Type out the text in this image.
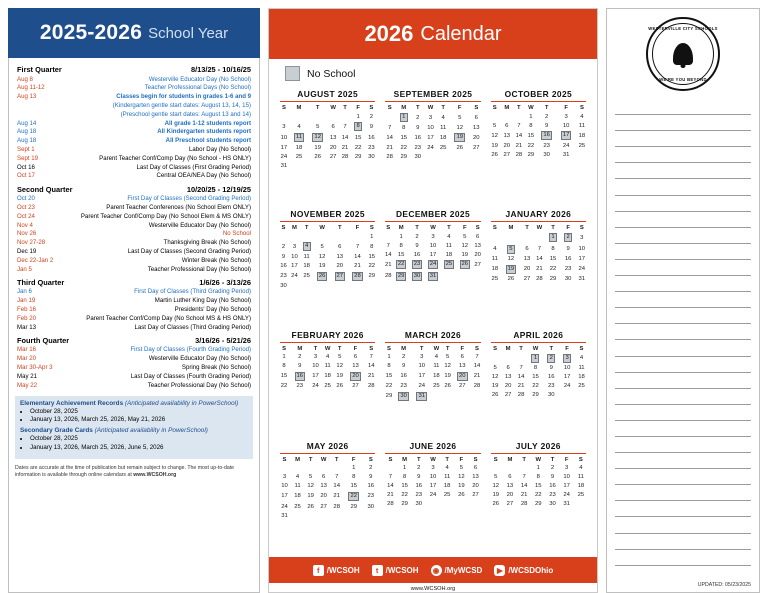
2025-2026 School Year
First Quarter	8/13/25 - 10/16/25
Aug 8	Westerville Educator Day (No School)
Aug 11-12	Teacher Professional Days (No School)
Aug 13	Classes begin for students in grades 1-6 and 9
	(Kindergarten gentle start dates: August 13, 14, 15)
	(Preschool gentle start dates: August 13 and 14)
Aug 14	All grade 1-12 students report
Aug 18	All Kindergarten students report
Aug 18	All Preschool students report
Sept 1	Labor Day (No School)
Sept 19	Parent Teacher Conf/Comp Day (No School - HS ONLY)
Oct 16	Last Day of Classes (First Grading Period)
Oct 17	Central OEA/NEA Day (No School)
Second Quarter	10/20/25 - 12/19/25
Oct 20	First Day of Classes (Second Grading Period)
Oct 23	Parent Teacher Conferences (No School Elem ONLY)
Oct 24	Parent Teacher Conf/Comp Day (No School Elem & MS ONLY)
Nov 4	Westerville Educator Day (No School)
Nov 26	No School
Nov 27-28	Thanksgiving Break (No School)
Dec 19	Last Day of Classes (Second Grading Period)
Dec 22-Jan 2	Winter Break (No School)
Jan 5	Teacher Professional Day (No School)
Third Quarter	1/6/26 - 3/13/26
Jan 6	First Day of Classes (Third Grading Period)
Jan 19	Martin Luther King Day (No School)
Feb 16	Presidents' Day (No School)
Feb 20	Parent Teacher Conf/Comp Day (No School MS & HS ONLY)
Mar 13	Last Day of Classes (Third Grading Period)
Fourth Quarter	3/16/26 - 5/21/26
Mar 16	First Day of Classes (Fourth Grading Period)
Mar 20	Westerville Educator Day (No School)
Mar 30-Apr 3	Spring Break (No School)
May 21	Last Day of Classes (Fourth Grading Period)
May 22	Teacher Professional Day (No School)
Elementary Achievement Records (Anticipated availability in PowerSchool)
• October 28, 2025
• January 13, 2026, March 25, 2026, May 21, 2026
Secondary Grade Cards (Anticipated availability in PowerSchool)
• October 28, 2025
• January 13, 2026, March 25, 2026, June 5, 2026
Dates are accurate at the time of publication but remain subject to change. The most up-to-date information is available through online calendars at www.WCSOH.org
2026 Calendar
No School
AUGUST 2025
S	M	T	W	T	F	S
					1	2
3	4	5	6	7	8	9
10	11	12	13	14	15	16
17	18	19	20	21	22	23
24	25	26	27	28	29	30
31						
SEPTEMBER 2025
S	M	T	W	T	F	S
	1	2	3	4	5	6
7	8	9	10	11	12	13
14	15	16	17	18	19	20
21	22	23	24	25	26	27
28	29	30				
OCTOBER 2025
S	M	T	W	T	F	S
			1	2	3	4
5	6	7	8	9	10	11
12	13	14	15	16	17	18
19	20	21	22	23	24	25
26	27	28	29	30	31	
NOVEMBER 2025
S	M	T	W	T	F	S
						1
2	3	4	5	6	7	8
9	10	11	12	13	14	15
16	17	18	19	20	21	22
23	24	25	26	27	28	29
30						
DECEMBER 2025
S	M	T	W	T	F	S
	1	2	3	4	5	6
7	8	9	10	11	12	13
14	15	16	17	18	19	20
21	22	23	24	25	26	27
28	29	30	31			
JANUARY 2026
S	M	T	W	T	F	S
				1	2	3
4	5	6	7	8	9	10
11	12	13	14	15	16	17
18	19	20	21	22	23	24
25	26	27	28	29	30	31
FEBRUARY 2026
S	M	T	W	T	F	S
1	2	3	4	5	6	7
8	9	10	11	12	13	14
15	16	17	18	19	20	21
22	23	24	25	26	27	28
MARCH 2026
S	M	T	W	T	F	S
1	2	3	4	5	6	7
8	9	10	11	12	13	14
15	16	17	18	19	20	21
22	23	24	25	26	27	28
29	30	31				
APRIL 2026
S	M	T	W	T	F	S
			1	2	3	4
5	6	7	8	9	10	11
12	13	14	15	16	17	18
19	20	21	22	23	24	25
26	27	28	29	30		
MAY 2026
S	M	T	W	T	F	S
					1	2
3	4	5	6	7	8	9
10	11	12	13	14	15	16
17	18	19	20	21	22	23
24	25	26	27	28	29	30
31						
JUNE 2026
S	M	T	W	T	F	S
	1	2	3	4	5	6
7	8	9	10	11	12	13
14	15	16	17	18	19	20
21	22	23	24	25	26	27
28	29	30				
JULY 2026
S	M	T	W	T	F	S
			1	2	3	4
5	6	7	8	9	10	11
12	13	14	15	16	17	18
19	20	21	22	23	24	25
26	27	28	29	30	31	
f /WCSOH	t /WCSOH ◉ /MyWCSD	▶ /WCSDOhio
www.WCSOH.org
WESTERVILLE CITY SCHOOLS
WE'RE YOU BEYOND
UPDATED: 05/23/2025
